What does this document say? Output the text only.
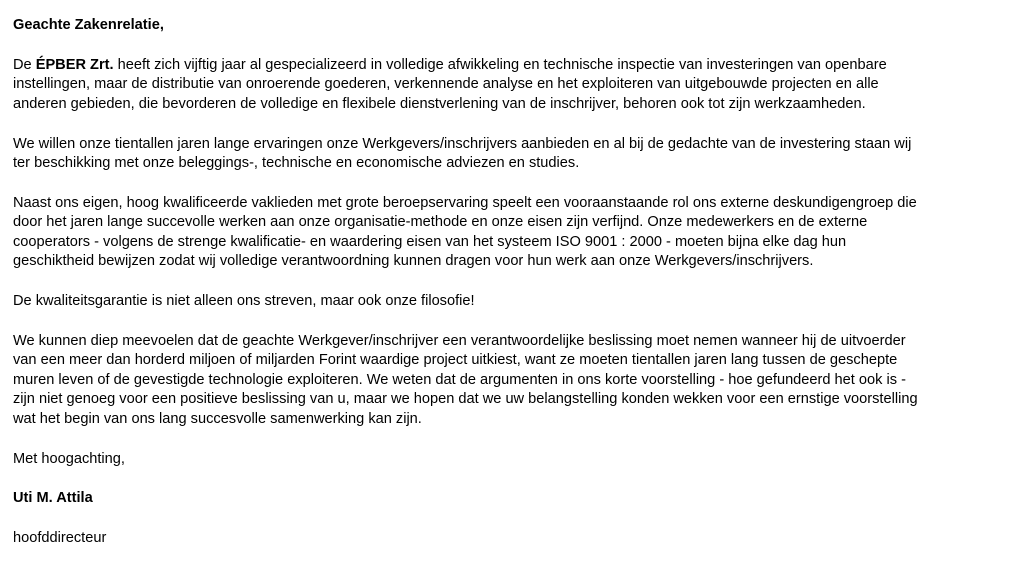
Geachte Zakenrelatie,

De ÉPBER Zrt. heeft zich vijftig jaar al gespecializeerd in volledige afwikkeling en technische inspectie van investeringen van openbare
instellingen, maar de distributie van onroerende goederen, verkennende analyse en het exploiteren van uitgebouwde projecten en alle
anderen gebieden, die bevorderen de volledige en flexibele dienstverlening van de inschrijver, behoren ook tot zijn werkzaamheden.

We willen onze tientallen jaren lange ervaringen onze Werkgevers/inschrijvers aanbieden en al bij de gedachte van de investering staan wij
ter beschikking met onze beleggings-, technische en economische adviezen en studies.

Naast ons eigen, hoog kwalificeerde vaklieden met grote beroepservaring speelt een vooraanstaande rol ons externe deskundigengroep die
door het jaren lange succevolle werken aan onze organisatie-methode en onze eisen zijn verfijnd. Onze medewerkers en de externe
cooperators - volgens de strenge kwalificatie- en waardering eisen van het systeem ISO 9001 : 2000 - moeten bijna elke dag hun
geschiktheid bewijzen zodat wij volledige verantwoordning kunnen dragen voor hun werk aan onze Werkgevers/inschrijvers.

De kwaliteitsgarantie is niet alleen ons streven, maar ook onze filosofie!

We kunnen diep meevoelen dat de geachte Werkgever/inschrijver een verantwoordelijke beslissing moet nemen wanneer hij de uitvoerder
van een meer dan horderd miljoen of miljarden Forint waardige project uitkiest, want ze moeten tientallen jaren lang tussen de geschepte
muren leven of de gevestigde technologie exploiteren. We weten dat de argumenten in ons korte voorstelling - hoe gefundeerd het ook is -
zijn niet genoeg voor een positieve beslissing van u, maar we hopen dat we uw belangstelling konden wekken voor een ernstige voorstelling
wat het begin van ons lang succesvolle samenwerking kan zijn.

Met hoogachting,

Uti M. Attila

hoofddirecteur
